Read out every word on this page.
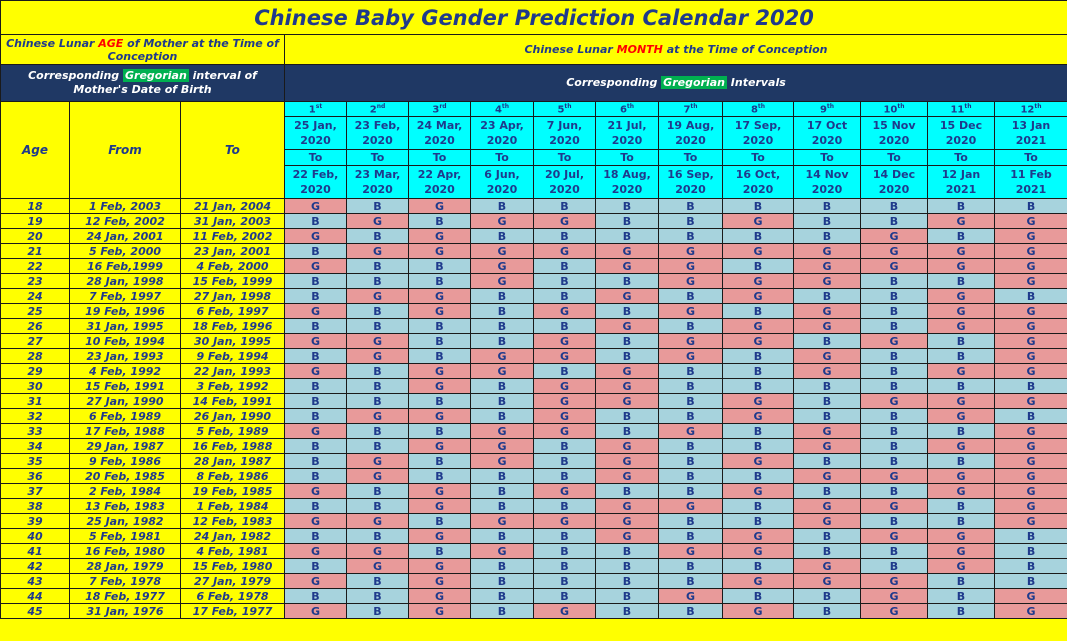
Chinese Baby Gender Prediction Calendar 2020														
Chinese Lunar AGE of Mother at the Time of Conception			Chinese Lunar MONTH at the Time of Conception											
Corresponding Gregorian interval of Mother's Date of Birth			Corresponding Gregorian Intervals											
Age	From	To	1st	2nd	3rd	4th	5th	6th	7th	8th	9th	10th	11th	12th
			25 Jan, 2020	23 Feb, 2020	24 Mar, 2020	23 Apr, 2020	7 Jun, 2020	21 Jul, 2020	19 Aug, 2020	17 Sep, 2020	17 Oct 2020	15 Nov 2020	15 Dec 2020	13 Jan 2021
			To	To	To	To	To	To	To	To	To	To	To	To
			22 Feb, 2020	23 Mar, 2020	22 Apr, 2020	6 Jun, 2020	20 Jul, 2020	18 Aug, 2020	16 Sep, 2020	16 Oct, 2020	14 Nov 2020	14 Dec 2020	12 Jan 2021	11 Feb 2021
18	1 Feb, 2003	21 Jan, 2004	G	B	G	B	B	B	B	B	B	B	B	B
19	12 Feb, 2002	31 Jan, 2003	B	G	B	G	G	B	B	G	B	B	G	G
20	24 Jan, 2001	11 Feb, 2002	G	B	G	B	B	B	B	B	B	G	B	G
21	5 Feb, 2000	23 Jan, 2001	B	G	G	G	G	G	G	G	G	G	G	G
22	16 Feb,1999	4 Feb, 2000	G	B	B	G	B	G	G	B	G	G	G	G
23	28 Jan, 1998	15 Feb, 1999	B	B	B	G	B	B	G	G	G	B	B	G
24	7 Feb, 1997	27 Jan, 1998	B	G	G	B	B	G	B	G	B	B	G	B
25	19 Feb, 1996	6 Feb, 1997	G	B	G	B	G	B	G	B	G	B	G	G
26	31 Jan, 1995	18 Feb, 1996	B	B	B	B	B	G	B	G	G	B	G	G
27	10 Feb, 1994	30 Jan, 1995	G	G	B	B	G	B	G	G	B	G	B	G
28	23 Jan, 1993	9 Feb, 1994	B	G	B	G	G	B	G	B	G	B	B	G
29	4 Feb, 1992	22 Jan, 1993	G	B	G	G	B	G	B	B	G	B	G	G
30	15 Feb, 1991	3 Feb, 1992	B	B	G	B	G	G	B	B	B	B	B	B
31	27 Jan, 1990	14 Feb, 1991	B	B	B	B	G	G	B	G	B	G	G	G
32	6 Feb, 1989	26 Jan, 1990	B	G	G	B	G	B	B	G	B	B	G	B
33	17 Feb, 1988	5 Feb, 1989	G	B	B	G	G	B	G	B	G	B	B	G
34	29 Jan, 1987	16 Feb, 1988	B	B	G	G	B	G	B	B	G	B	G	G
35	9 Feb, 1986	28 Jan, 1987	B	G	B	G	B	G	B	G	B	B	B	G
36	20 Feb, 1985	8 Feb, 1986	B	G	B	B	B	G	B	B	G	G	G	G
37	2 Feb, 1984	19 Feb, 1985	G	B	G	B	G	B	B	G	B	B	G	G
38	13 Feb, 1983	1 Feb, 1984	B	B	G	B	B	G	G	B	G	G	B	G
39	25 Jan, 1982	12 Feb, 1983	G	G	B	G	G	G	B	B	G	B	B	G
40	5 Feb, 1981	24 Jan, 1982	B	B	G	B	B	G	B	G	B	G	G	B
41	16 Feb, 1980	4 Feb, 1981	G	G	B	G	B	B	G	G	B	B	G	B
42	28 Jan, 1979	15 Feb, 1980	B	G	G	B	B	B	B	B	G	B	G	B
43	7 Feb, 1978	27 Jan, 1979	G	B	G	B	B	B	B	G	G	G	B	B
44	18 Feb, 1977	6 Feb, 1978	B	B	G	B	B	B	G	B	B	G	B	G
45	31 Jan, 1976	17 Feb, 1977	G	B	G	B	G	B	B	G	B	G	B	G
